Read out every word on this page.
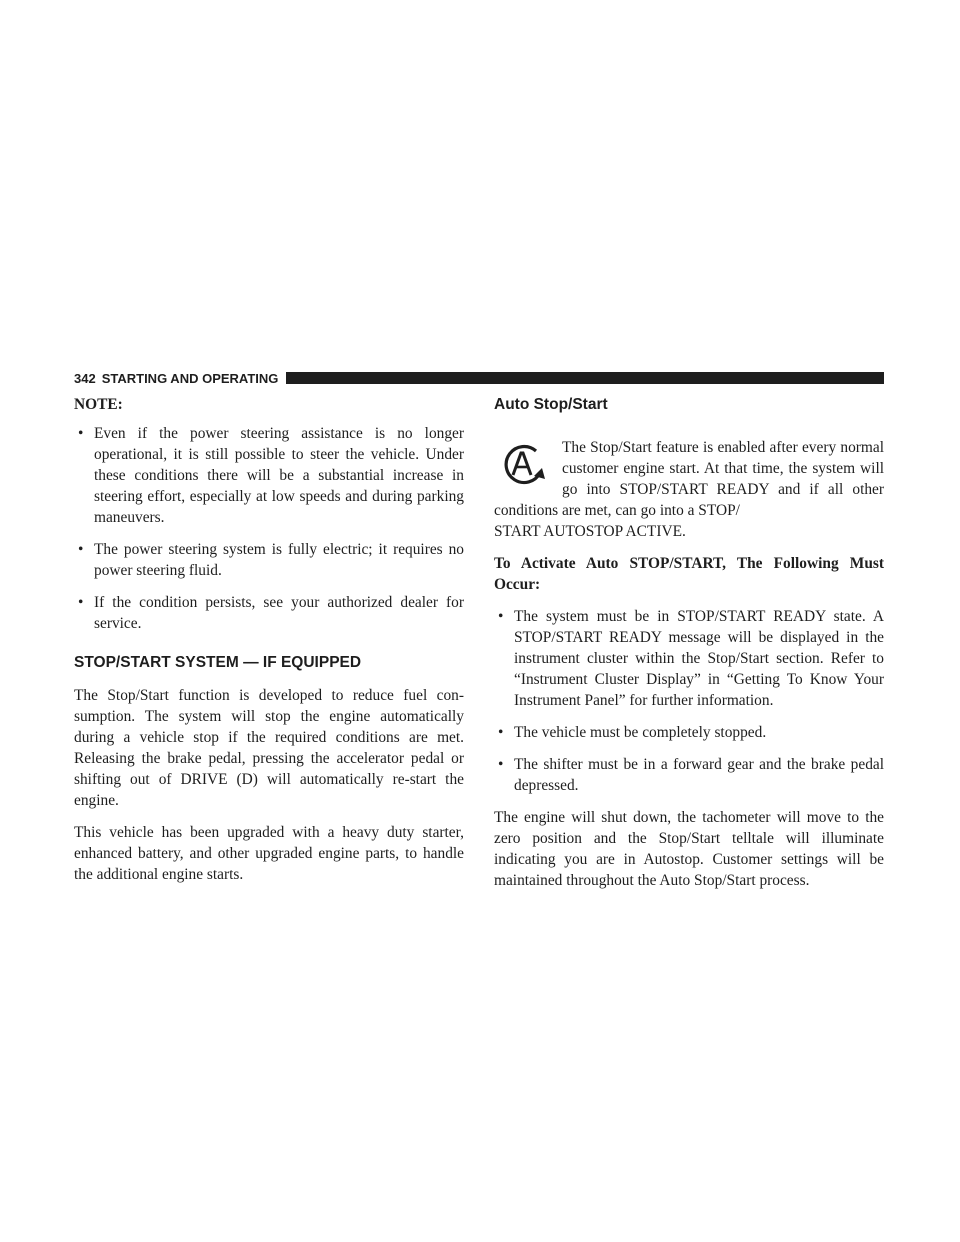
342 STARTING AND OPERATING

NOTE:

• Even if the power steering assistance is no longer operational, it is still possible to steer the vehicle. Under these conditions there will be a substantial increase in steering effort, especially at low speeds and during parking maneuvers.
• The power steering system is fully electric; it requires no power steering fluid.
• If the condition persists, see your authorized dealer for service.
STOP/START SYSTEM — IF EQUIPPED

The Stop/Start function is developed to reduce fuel con-sumption. The system will stop the engine automatically during a vehicle stop if the required conditions are met. Releasing the brake pedal, pressing the accelerator pedal or shifting out of DRIVE (D) will automatically re-start the engine.

This vehicle has been upgraded with a heavy duty starter, enhanced battery, and other upgraded engine parts, to handle the additional engine starts.

Auto Stop/Start

The Stop/Start feature is enabled after every normal customer engine start. At that time, the system will go into STOP/START READY and if all other conditions are met, can go into a STOP/

START AUTOSTOP ACTIVE.

To Activate Auto STOP/START, The Following Must Occur:

• The system must be in STOP/START READY state. A STOP/START READY message will be displayed in the instrument cluster within the Stop/Start section. Refer to “Instrument Cluster Display” in “Getting To Know Your Instrument Panel” for further information.
• The vehicle must be completely stopped.
• The shifter must be in a forward gear and the brake pedal depressed.

The engine will shut down, the tachometer will move to the zero position and the Stop/Start telltale will illuminate indicating you are in Autostop. Customer settings will be maintained throughout the Auto Stop/Start process.
